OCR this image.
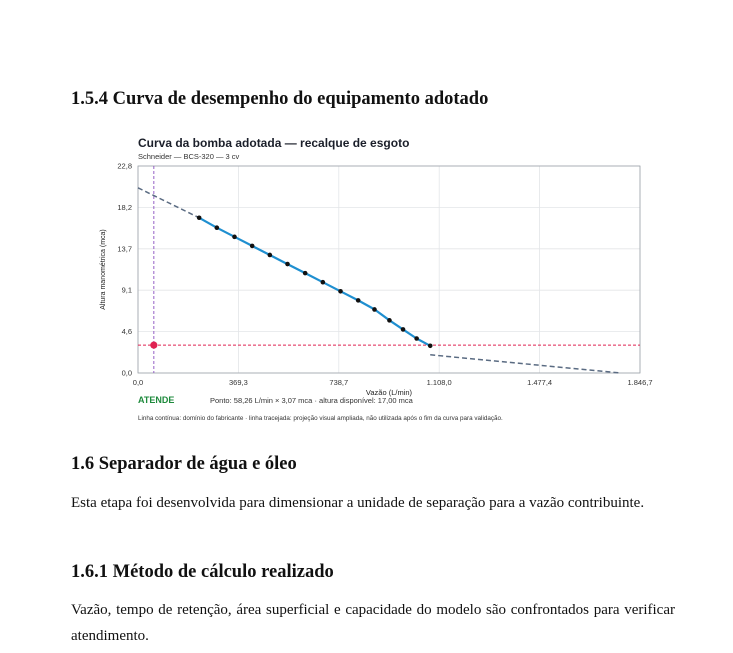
1.5.4 Curva de desempenho do equipamento adotado
Curva da bomba adotada — recalque de esgoto
Schneider — BCS-320 — 3 cv
0,0
4,6
9,1
13,7
18,2
22,8
0,0	369,3	738,7	1.108,0	1.477,4	1.846,7
Altura manométrica (mca)
Vazão (L/min)
ATENDE	Ponto: 58,26 L/min × 3,07 mca · altura disponível: 17,00 mca
Linha contínua: domínio do fabricante · linha tracejada: projeção visual ampliada, não utilizada após o fim da curva para validação.
1.6 Separador de água e óleo

Esta etapa foi desenvolvida para dimensionar a unidade de separação para a vazão contribuinte.

1.6.1 Método de cálculo realizado

Vazão, tempo de retenção, área superficial e capacidade do modelo são confrontados para verificar atendimento.
